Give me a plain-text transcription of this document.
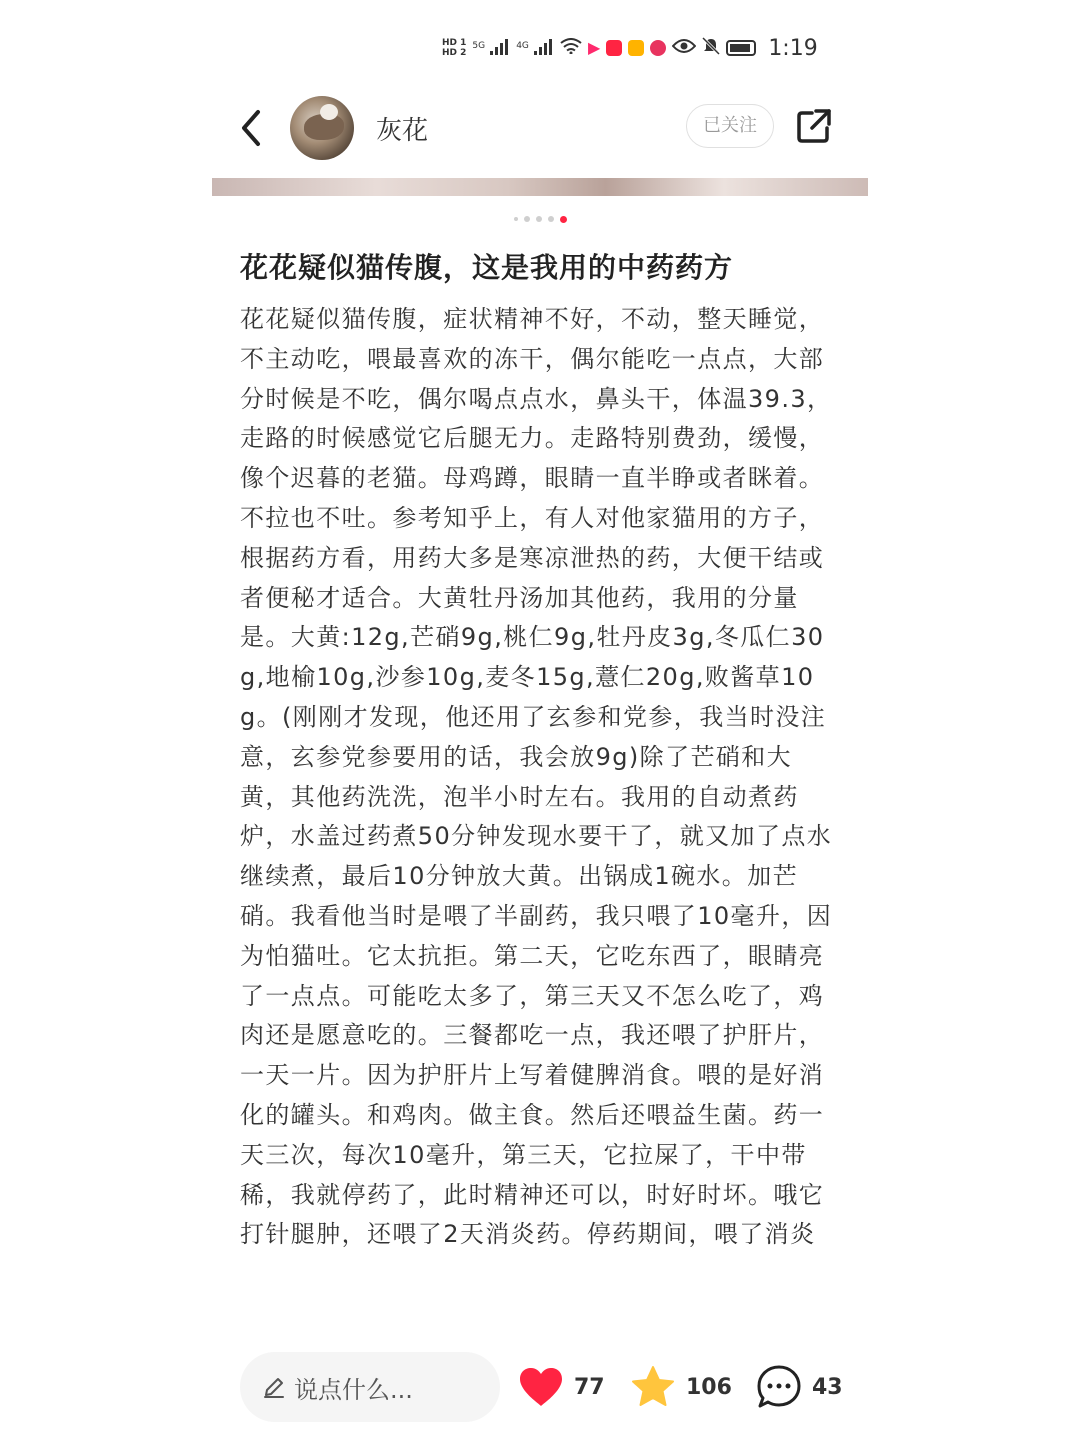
HD 1
HD 2
$^{5G}$	$^{4G}$	▶	1:19
灰花	已关注
花花疑似猫传腹，这是我用的中药药方
花花疑似猫传腹，症状精神不好，不动，整天睡觉，不主动吃，喂最喜欢的冻干，偶尔能吃一点点，大部分时候是不吃，偶尔喝点点水，鼻头干，体温39.3，走路的时候感觉它后腿无力。走路特别费劲，缓慢，像个迟暮的老猫。母鸡蹲，眼睛一直半睁或者眯着。不拉也不吐。参考知乎上，有人对他家猫用的方子，根据药方看，用药大多是寒凉泄热的药，大便干结或者便秘才适合。大黄牡丹汤加其他药，我用的分量是。大黄:12g,芒硝9g,桃仁9g,牡丹皮3g,冬瓜仁30g,地榆10g,沙参10g,麦冬15g,薏仁20g,败酱草10g。(刚刚才发现，他还用了玄参和党参，我当时没注意，玄参党参要用的话，我会放9g)除了芒硝和大黄，其他药洗洗，泡半小时左右。我用的自动煮药炉，水盖过药煮50分钟发现水要干了，就又加了点水继续煮，最后10分钟放大黄。出锅成1碗水。加芒硝。我看他当时是喂了半副药，我只喂了10毫升，因为怕猫吐。它太抗拒。第二天，它吃东西了，眼睛亮了一点点。可能吃太多了，第三天又不怎么吃了，鸡肉还是愿意吃的。三餐都吃一点，我还喂了护肝片，一天一片。因为护肝片上写着健脾消食。喂的是好消化的罐头。和鸡肉。做主食。然后还喂益生菌。药一天三次，每次10毫升，第三天，它拉屎了，干中带稀，我就停药了，此时精神还可以，时好时坏。哦它打针腿肿，还喂了2天消炎药。停药期间，喂了消炎
说点什么...	77	106	43
